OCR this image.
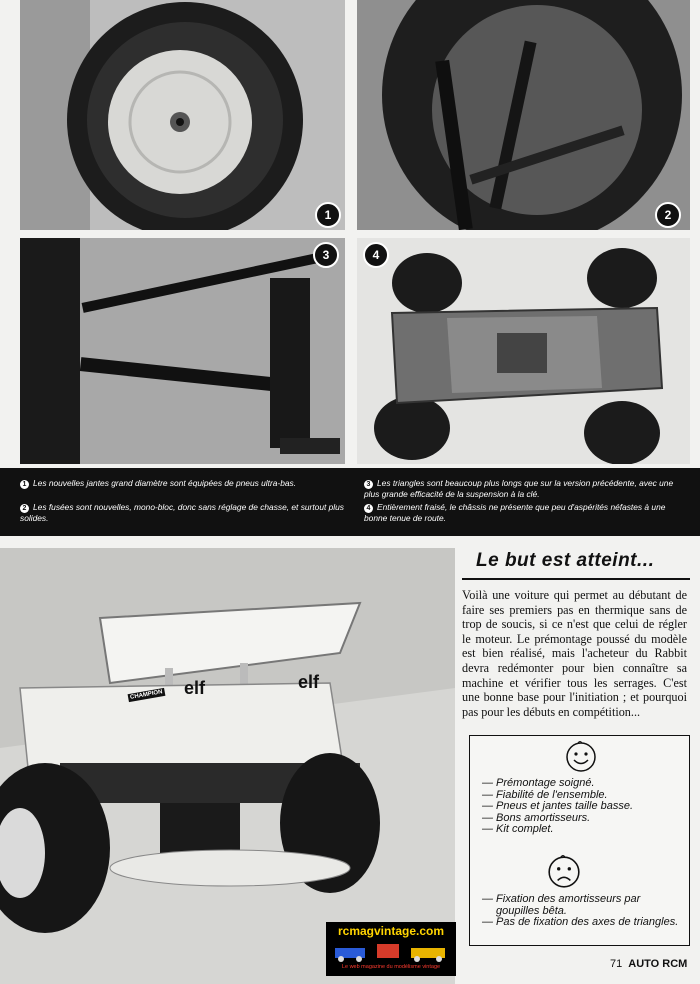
1	2
3	4
1 Les nouvelles jantes grand diamètre sont équipées de pneus ultra-bas.
2 Les fusées sont nouvelles, mono-bloc, donc sans réglage de chasse, et surtout plus solides.
3 Les triangles sont beaucoup plus longs que sur la version précédente, avec une plus grande efficacité de la suspension à la clé.
4 Entièrement fraisé, le châssis ne présente que peu d'aspérités néfastes à une bonne tenue de route.
elf	elf
CHAMPION
Le but est atteint...
Voilà une voiture qui permet au débutant de faire ses premiers pas en thermique sans de trop de soucis, si ce n'est que celui de régler le moteur. Le prémontage poussé du modèle est bien réalisé, mais l'acheteur du Rabbit devra redémonter pour bien connaître sa machine et vérifier tous les serrages. C'est une bonne base pour l'initiation ; et pourquoi pas pour les débuts en compétition...
— Prémontage soigné.
— Fiabilité de l'ensemble.
— Pneus et jantes taille basse.
— Bons amortisseurs.
— Kit complet.
— Fixation des amortisseurs par goupilles bêta.
— Pas de fixation des axes de triangles.
rcmagvintage.com
Le web magazine du modélisme vintage	71 AUTO RCM
